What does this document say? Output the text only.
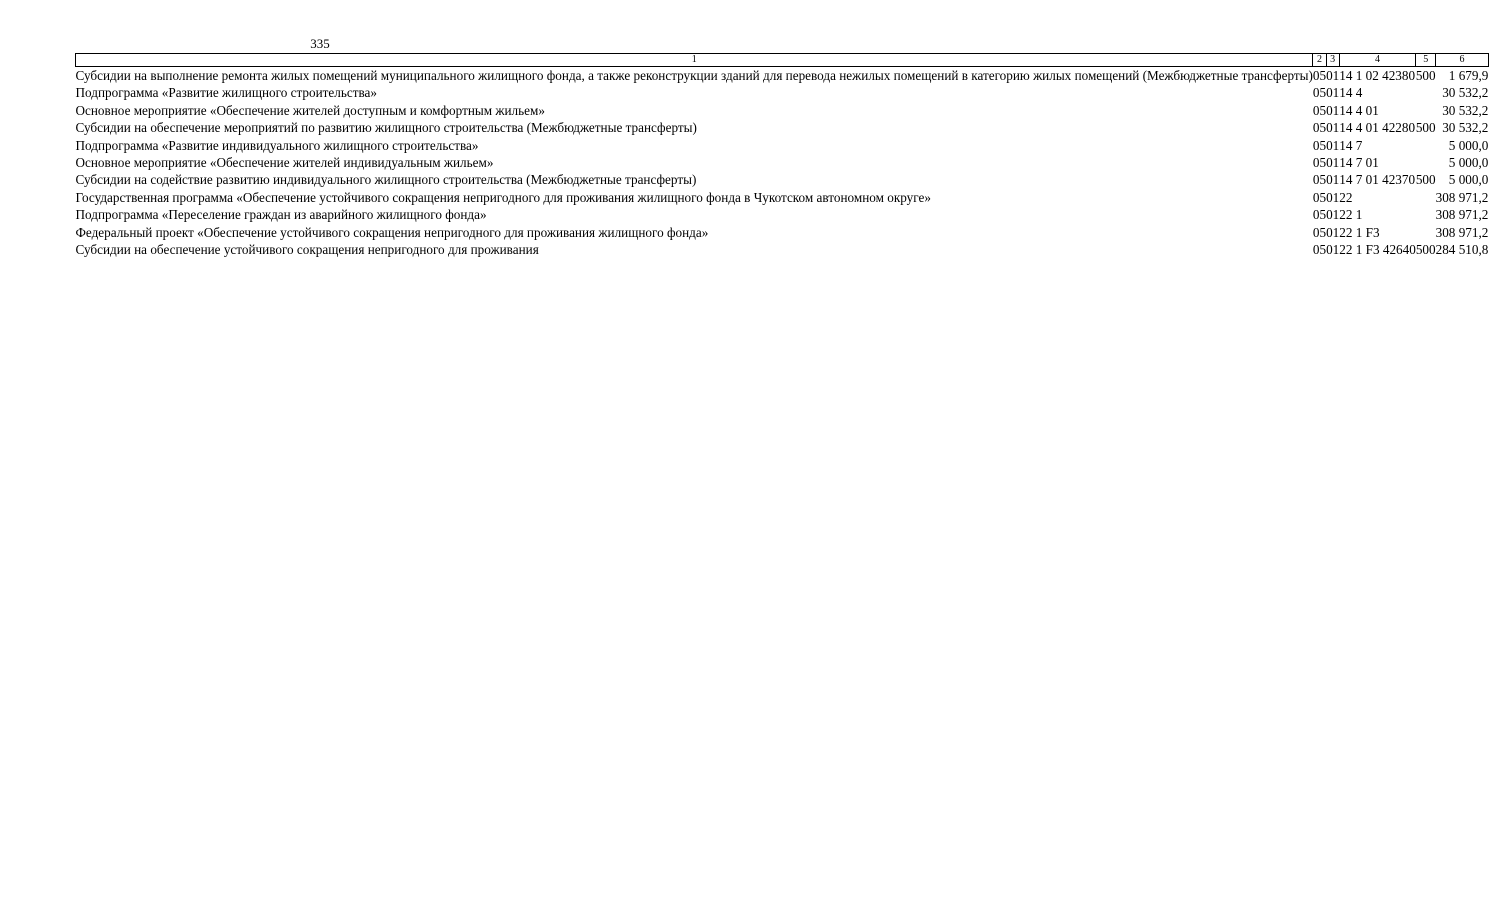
335
1	2	3	4	5	6
Субсидии на выполнение ремонта жилых помещений муниципального жилищного фонда, а также реконструкции зданий для перевода нежилых помещений в категорию жилых помещений (Межбюджетные трансферты)	05	01	14 1 02 42380	500	1 679,9
Подпрограмма «Развитие жилищного строительства»	05	01	14 4		30 532,2
Основное мероприятие «Обеспечение жителей доступным и комфортным жильем»	05	01	14 4 01		30 532,2
Субсидии на обеспечение мероприятий по развитию жилищного строительства (Межбюджетные трансферты)	05	01	14 4 01 42280	500	30 532,2
Подпрограмма «Развитие индивидуального жилищного строительства»	05	01	14 7		5 000,0
Основное мероприятие «Обеспечение жителей индивидуальным жильем»	05	01	14 7 01		5 000,0
Субсидии на содействие развитию индивидуального жилищного строительства (Межбюджетные трансферты)	05	01	14 7 01 42370	500	5 000,0
Государственная программа «Обеспечение устойчивого сокращения непригодного для проживания жилищного фонда в Чукотском автономном округе»	05	01	22		308 971,2
Подпрограмма «Переселение граждан из аварийного жилищного фонда»	05	01	22 1		308 971,2
Федеральный проект «Обеспечение устойчивого сокращения непригодного для проживания жилищного фонда»	05	01	22 1 F3		308 971,2
Субсидии на обеспечение устойчивого сокращения непригодного для проживания	05	01	22 1 F3 42640	500	284 510,8
